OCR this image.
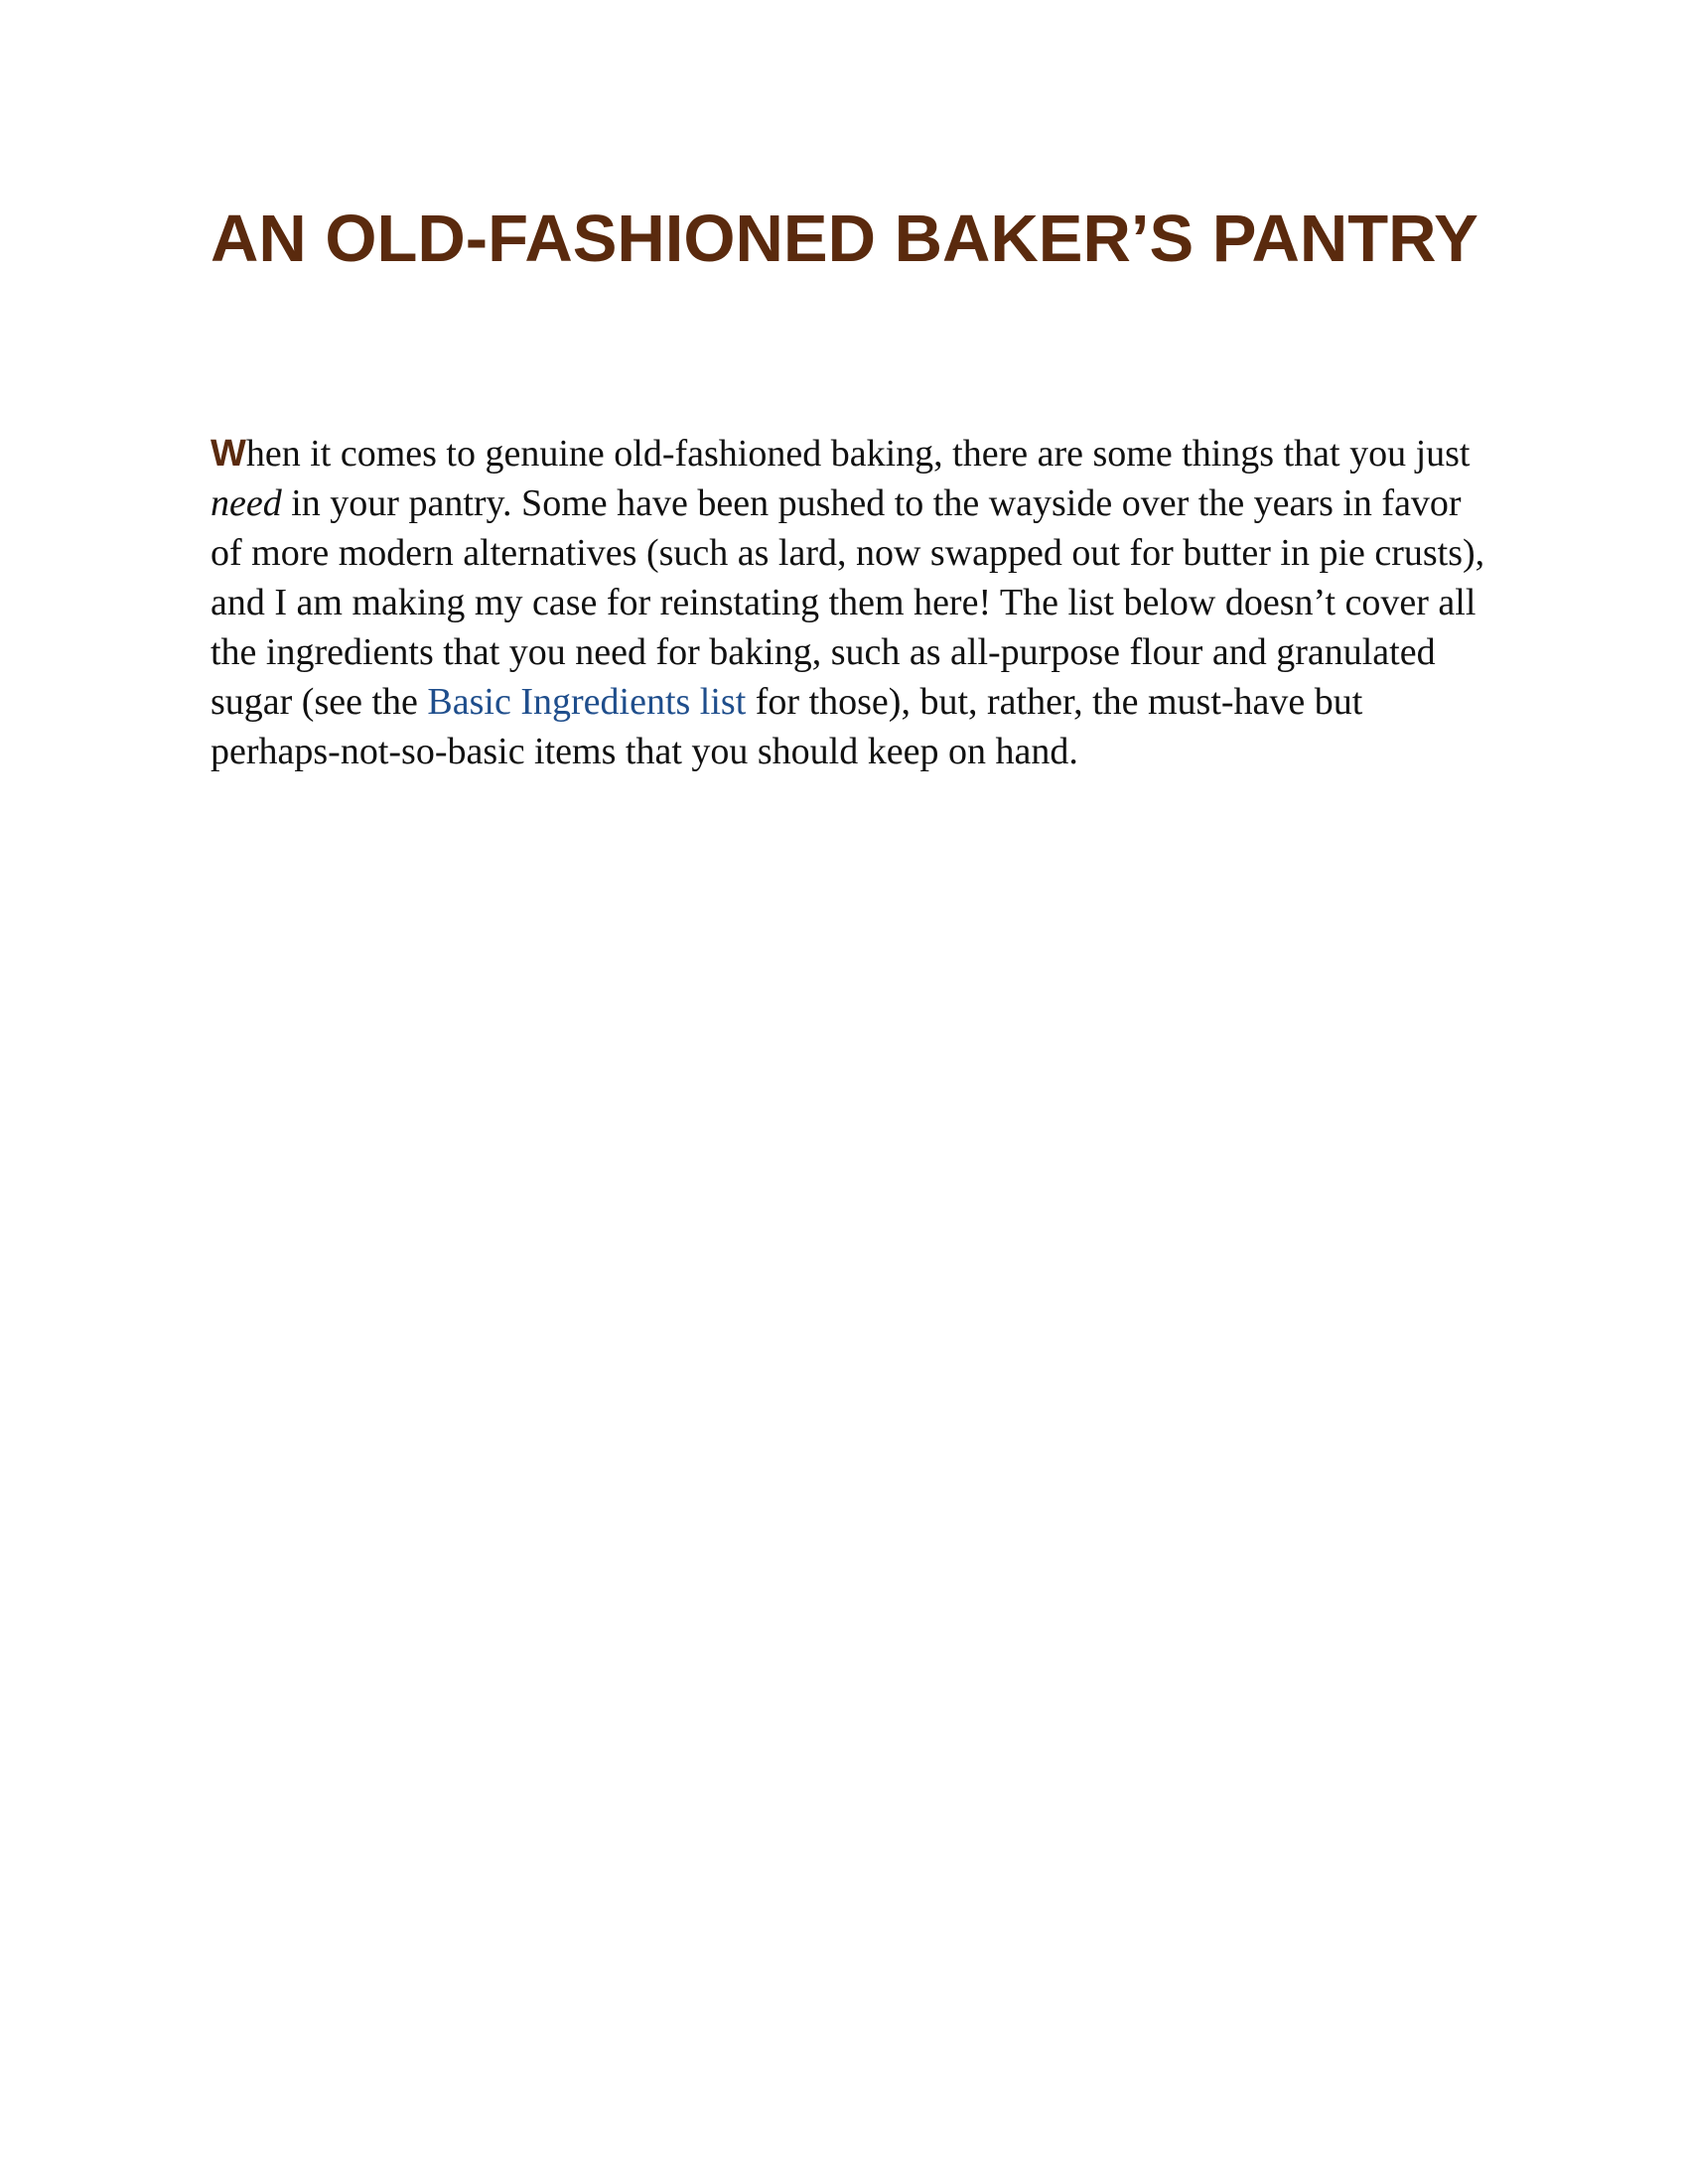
AN OLD-FASHIONED BAKER’S PANTRY

When it comes to genuine old-fashioned baking, there are some things that you just need in your pantry. Some have been pushed to the wayside over the years in favor of more modern alternatives (such as lard, now swapped out for butter in pie crusts), and I am making my case for reinstating them here! The list below doesn’t cover all the ingredients that you need for baking, such as all-purpose flour and granulated sugar (see the Basic Ingredients list for those), but, rather, the must-have but perhaps-not-so-basic items that you should keep on hand.
